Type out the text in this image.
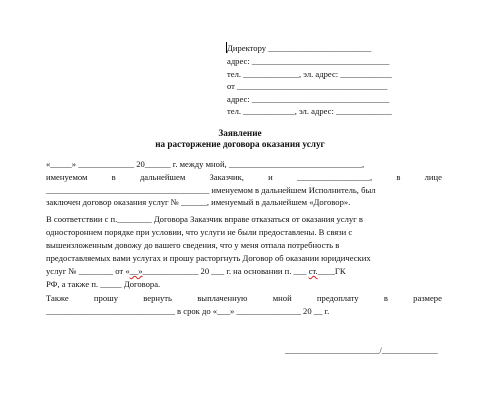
Директору ________________________
адрес: ________________________________
тел. _____________, эл. адрес: ____________
от ___________________________________
адрес: ________________________________
тел. ____________, эл. адрес: _____________
Заявление
на расторжение договора оказания услуг
«_____» _____________ 20______ г. между мной, _______________________________,
именуемом	в	дальнейшем	Заказчик,	и	_________________,	в	лице
______________________________________ именуемом в дальнейшем Исполнитель, был
заключен договор оказания услуг № ______, именуемый в дальнейшем «Договор».
В соответствии с п.________ Договора Заказчик вправе отказаться от оказания услуг в
одностороннем порядке при условии, что услуги не были предоставлены. В связи с
вышеизложенным довожу до вашего сведения, что у меня отпала потребность в
предоставляемых вами услугах и прошу расторгнуть Договор об оказании юридических
услуг № ________ от «__»_____________ 20 ___ г. на основании п. ___ ст.____ГК
РФ, а также п. _____ Договора.
Также	прошу	вернуть	выплаченную	мной	предоплату	в	размере
______________________________ в срок до «___» _______________ 20 __ г.
______________________/_____________
